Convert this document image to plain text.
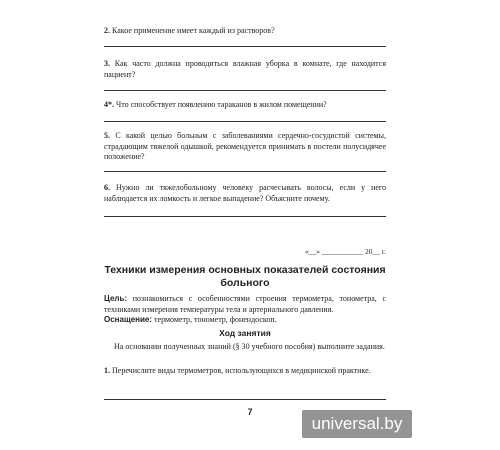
2. Какое применение имеет каждый из растворов?
3. Как часто должна проводиться влажная уборка в комнате, где находится пациент?
4*. Что способствует появлению тараканов в жилом помещении?
5. С какой целью больным с заболеваниями сердечно-сосудистой системы, страдающим тяжелой одышкой, рекомендуется принимать в постели полусидячее положение?
6. Нужно ли тяжелобольному человеку расчесывать волосы, если у него наблюдается их ломкость и легкое выпадение? Объясните почему.
«__» ___________ 20__ г.
Техники измерения основных показателей состояния больного
Цель: познакомиться с особенностями строения термометра, тонометра, с техниками измерения температуры тела и артериального давления.
Оснащение: термометр, тонометр, фонендоскоп.
Ход занятия
На основании полученных знаний (§ 30 учебного пособия) выполните задания.
1. Перечислите виды термометров, использующихся в медицинской практике.
7
universal.by
